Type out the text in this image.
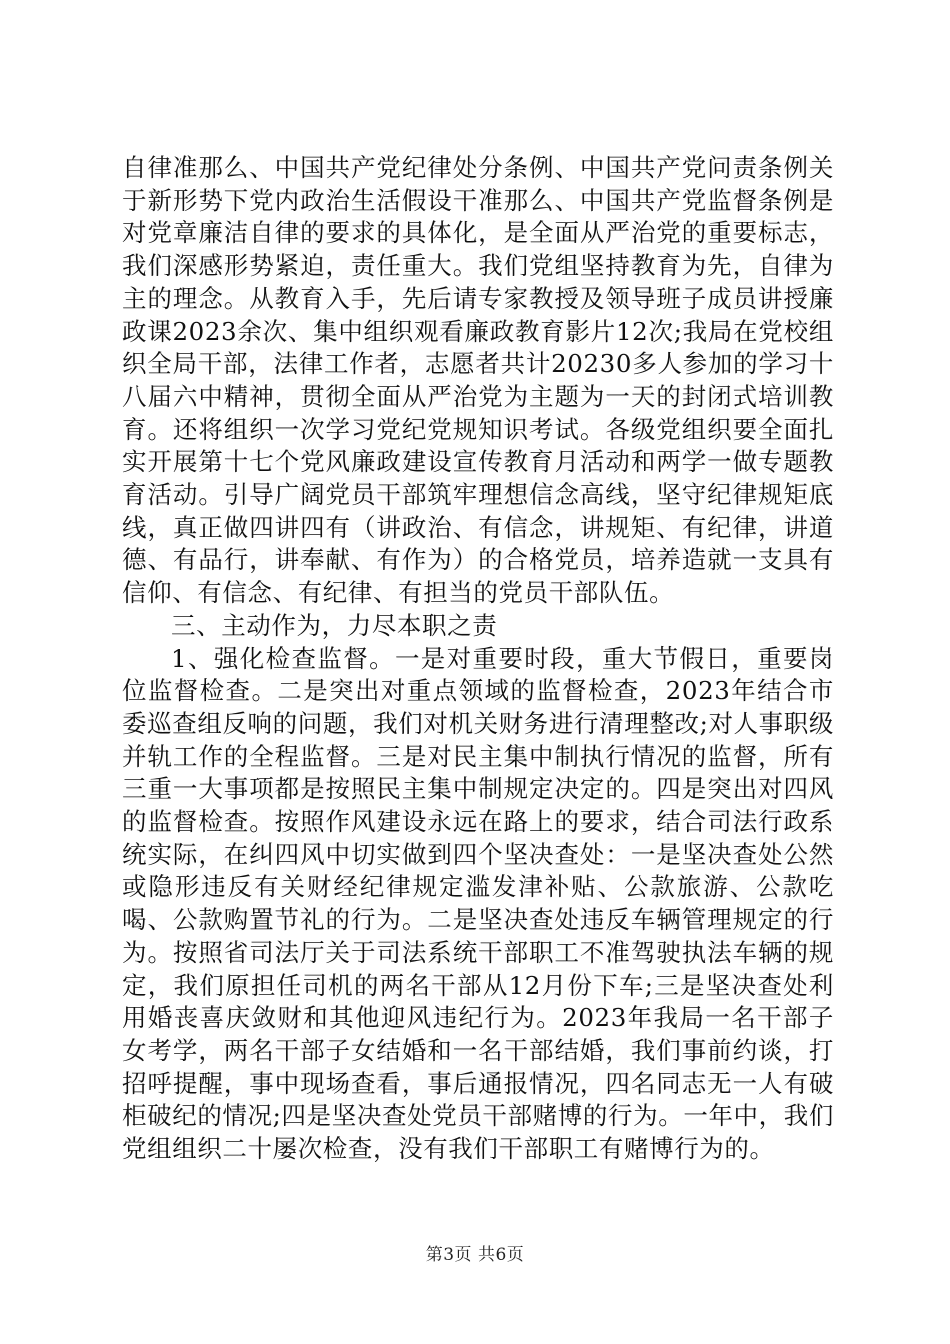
自律准那么、中国共产党纪律处分条例、中国共产党问责条例关于新形势下党内政治生活假设干准那么、中国共产党监督条例是对党章廉洁自律的要求的具体化，是全面从严治党的重要标志，我们深感形势紧迫，责任重大。我们党组坚持教育为先，自律为主的理念。从教育入手，先后请专家教授及领导班子成员讲授廉政课2023余次、集中组织观看廉政教育影片12次;我局在党校组织全局干部，法律工作者，志愿者共计20230多人参加的学习十八届六中精神，贯彻全面从严治党为主题为一天的封闭式培训教育。还将组织一次学习党纪党规知识考试。各级党组织要全面扎实开展第十七个党风廉政建设宣传教育月活动和两学一做专题教育活动。引导广阔党员干部筑牢理想信念高线，坚守纪律规矩底线，真正做四讲四有（讲政治、有信念，讲规矩、有纪律，讲道德、有品行，讲奉献、有作为）的合格党员，培养造就一支具有信仰、有信念、有纪律、有担当的党员干部队伍。

三、主动作为，力尽本职之责

1、强化检查监督。一是对重要时段，重大节假日，重要岗位监督检查。二是突出对重点领域的监督检查，2023年结合市委巡查组反响的问题，我们对机关财务进行清理整改;对人事职级并轨工作的全程监督。三是对民主集中制执行情况的监督，所有三重一大事项都是按照民主集中制规定决定的。四是突出对四风的监督检查。按照作风建设永远在路上的要求，结合司法行政系统实际，在纠四风中切实做到四个坚决查处：一是坚决查处公然或隐形违反有关财经纪律规定滥发津补贴、公款旅游、公款吃喝、公款购置节礼的行为。二是坚决查处违反车辆管理规定的行为。按照省司法厅关于司法系统干部职工不准驾驶执法车辆的规定，我们原担任司机的两名干部从12月份下车;三是坚决查处利用婚丧喜庆敛财和其他迎风违纪行为。2023年我局一名干部子女考学，两名干部子女结婚和一名干部结婚，我们事前约谈，打招呼提醒，事中现场查看，事后通报情况，四名同志无一人有破柜破纪的情况;四是坚决查处党员干部赌博的行为。一年中，我们党组组织二十屡次检查，没有我们干部职工有赌博行为的。

第3页 共6页
